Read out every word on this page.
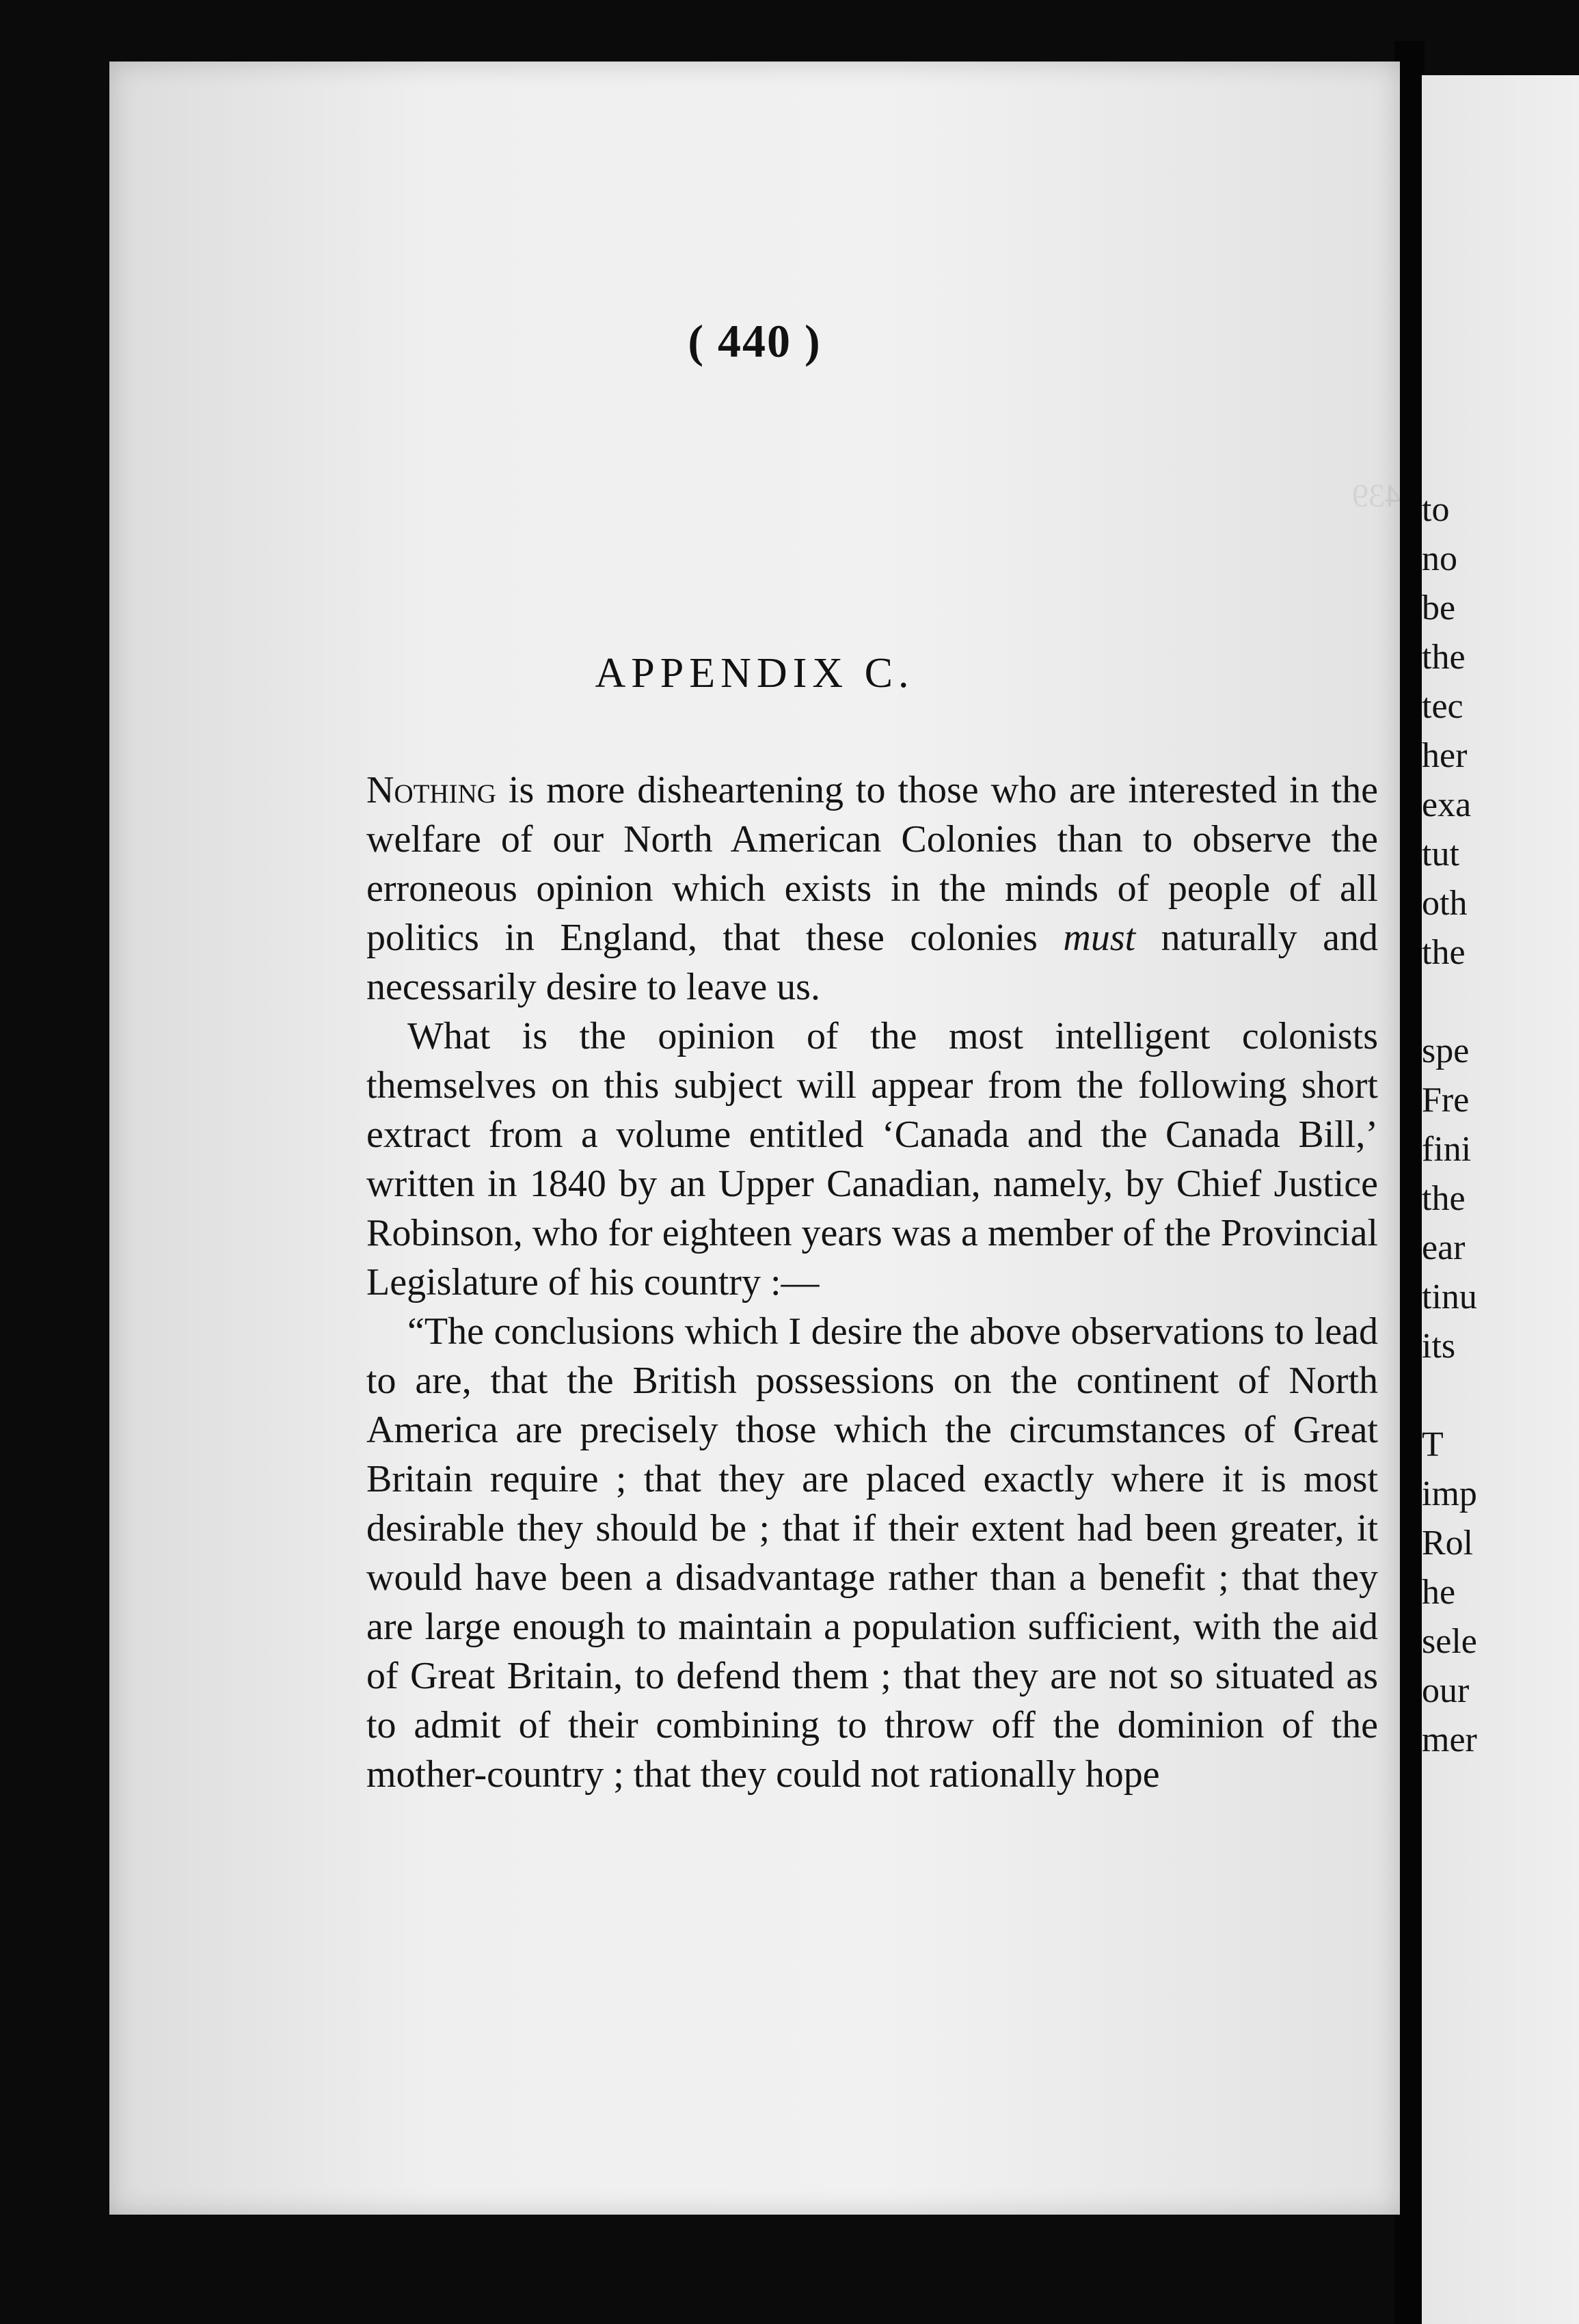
439
( 440 )
APPENDIX C.

Nothing is more disheartening to those who are interested in the welfare of our North American Colonies than to observe the erroneous opinion which exists in the minds of people of all politics in England, that these colonies must naturally and necessarily desire to leave us.

What is the opinion of the most intelligent colonists themselves on this subject will appear from the following short extract from a volume entitled ‘Canada and the Canada Bill,’ written in 1840 by an Upper Canadian, namely, by Chief Justice Robinson, who for eighteen years was a member of the Provincial Legislature of his country :—

“The conclusions which I desire the above observations to lead to are, that the British possessions on the continent of North America are precisely those which the circumstances of Great Britain require ; that they are placed exactly where it is most desirable they should be ; that if their extent had been greater, it would have been a disadvantage rather than a benefit ; that they are large enough to maintain a population sufficient, with the aid of Great Britain, to defend them ; that they are not so situated as to admit of their combining to throw off the dominion of the mother-country ; that they could not rationally hope

to
no
be
the
tec
her
exa
tut
oth
the
spe
Fre
fini
the
ear
tinu
its
T
imp
Rol
he
sele
our
mer
